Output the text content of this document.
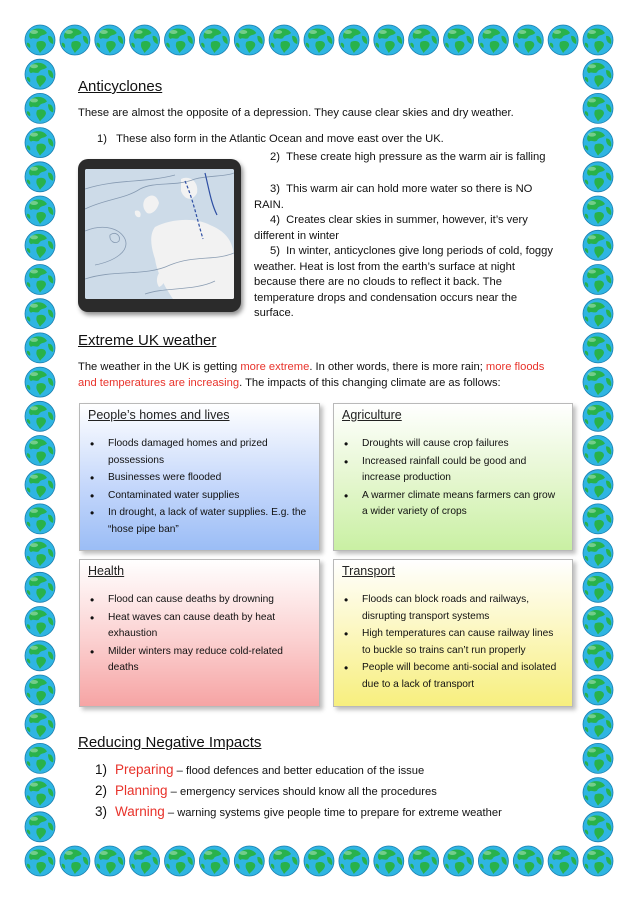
Anticyclones

These are almost the opposite of a depression. They cause clear skies and dry weather.

1) These also form in the Atlantic Ocean and move east over the UK.

2) These create high pressure as the warm air is falling

3) This warm air can hold more water so there is NO RAIN.

4) Creates clear skies in summer, however, it’s very different in winter

5) In winter, anticyclones give long periods of cold, foggy weather. Heat is lost from the earth’s surface at night because there are no clouds to reflect it back. The temperature drops and condensation occurs near the surface.

Extreme UK weather

The weather in the UK is getting more extreme. In other words, there is more rain; more floods and temperatures are increasing. The impacts of this changing climate are as follows:

People’s homes and lives
• Floods damaged homes and prized possessions
• Businesses were flooded
• Contaminated water supplies
• In drought, a lack of water supplies. E.g. the “hose pipe ban”
Agriculture
• Droughts will cause crop failures
• Increased rainfall could be good and increase production
• A warmer climate means farmers can grow a wider variety of crops
Health
• Flood can cause deaths by drowning
• Heat waves can cause death by heat exhaustion
• Milder winters may reduce cold-related deaths
Transport
• Floods can block roads and railways, disrupting transport systems
• High temperatures can cause railway lines to buckle so trains can’t run properly
• People will become anti-social and isolated due to a lack of transport
Reducing Negative Impacts
1) Preparing – flood defences and better education of the issue
2) Planning – emergency services should know all the procedures
3) Warning – warning systems give people time to prepare for extreme weather
